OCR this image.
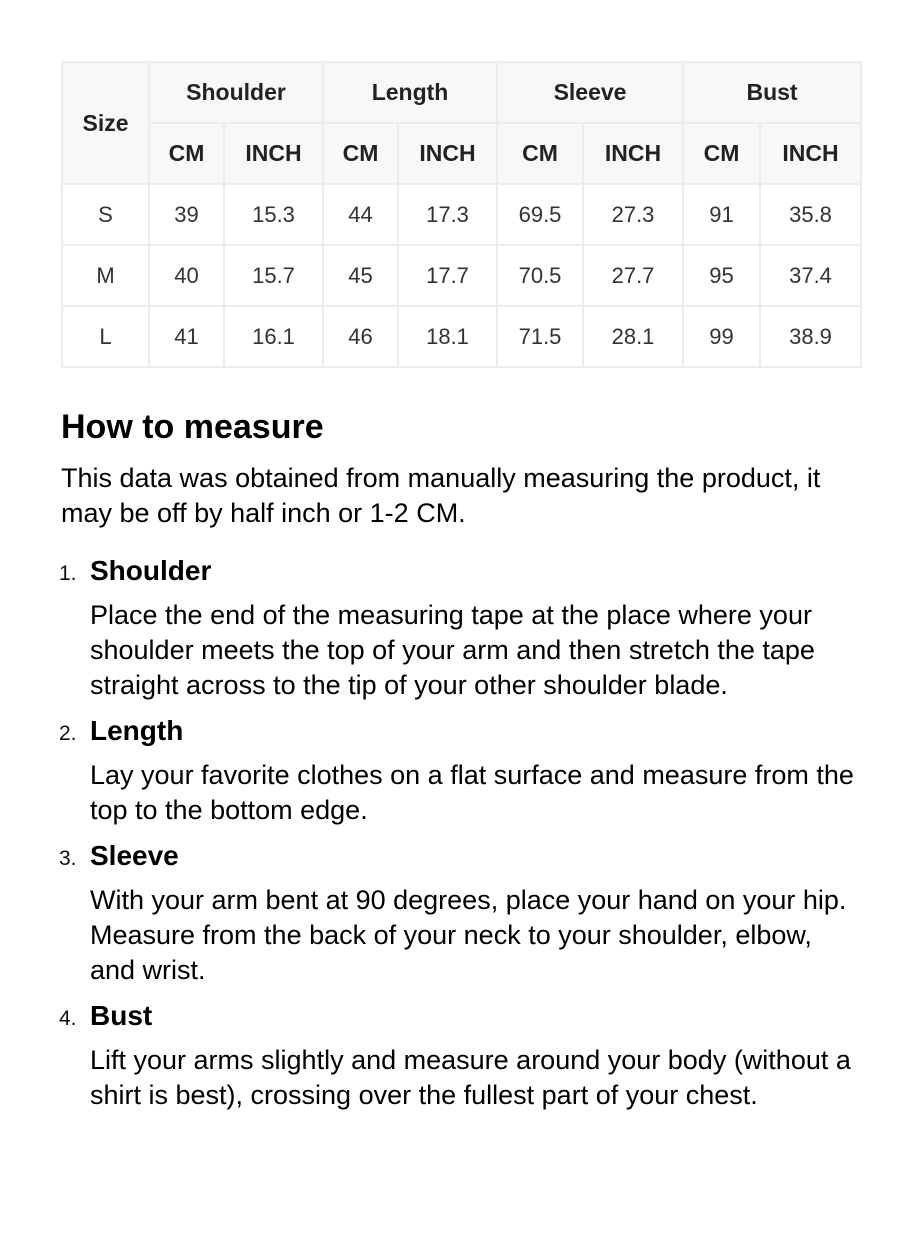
Size	Shoulder		Length		Sleeve		Bust	
	CM	INCH	CM	INCH	CM	INCH	CM	INCH
S	39	15.3	44	17.3	69.5	27.3	91	35.8
M	40	15.7	45	17.7	70.5	27.7	95	37.4
L	41	16.1	46	18.1	71.5	28.1	99	38.9
How to measure

This data was obtained from manually measuring the product, it may be off by half inch or 1-2 CM.

1. Shoulder
Place the end of the measuring tape at the place where your shoulder meets the top of your arm and then stretch the tape straight across to the tip of your other shoulder blade.
2. Length
Lay your favorite clothes on a flat surface and measure from the top to the bottom edge.
3. Sleeve
With your arm bent at 90 degrees, place your hand on your hip. Measure from the back of your neck to your shoulder, elbow, and wrist.
4. Bust
Lift your arms slightly and measure around your body (without a shirt is best), crossing over the fullest part of your chest.
